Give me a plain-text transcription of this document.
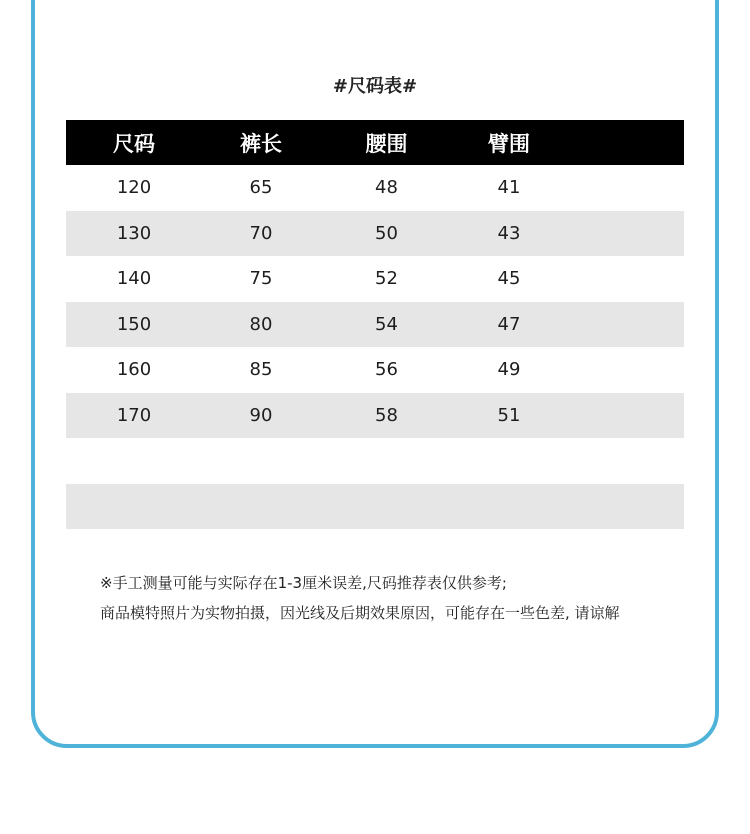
#尺码表#
尺码	裤长	腰围	臂围
120	65	48	41
130	70	50	43
140	75	52	45
150	80	54	47
160	85	56	49
170	90	58	51
※手工测量可能与实际存在1-3厘米误差,尺码推荐表仅供参考;
商品模特照片为实物拍摄，因光线及后期效果原因，可能存在一些色差, 请谅解
